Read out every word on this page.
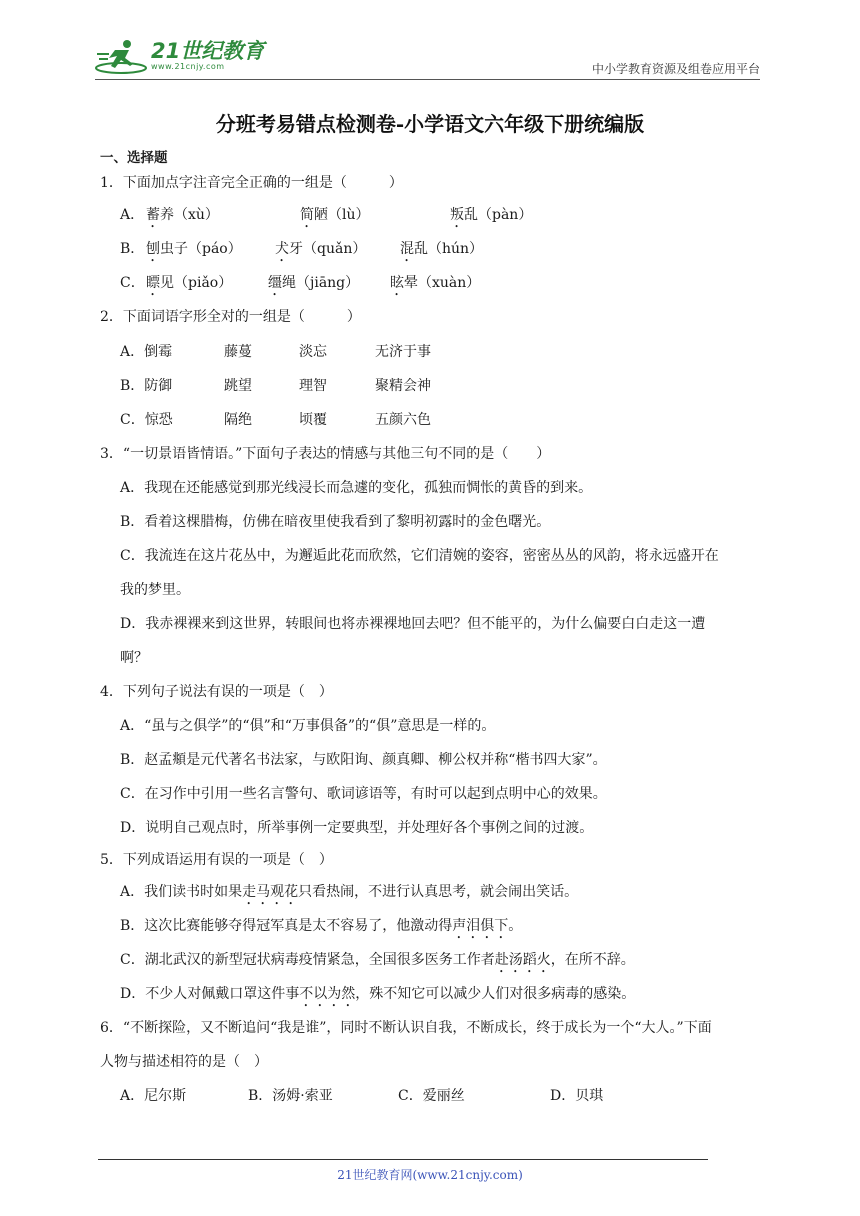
21世纪教育
www.21cnjy.com	中小学教育资源及组卷应用平台
分班考易错点检测卷-小学语文六年级下册统编版
一、选择题
1．下面加点字注音完全正确的一组是（　　　）
A． 蓄养（xù）	简陋（lù）	叛乱（pàn）
B． 刨虫子（páo） 犬牙（quǎn） 混乱（hún）
C． 瞟见（piǎo）	缰绳（jiāng） 眩晕（xuàn）
2．下面词语字形全对的一组是（　　　）
A．倒霉	藤蔓	淡忘	无济于事
B．防御	跳望	理智	聚精会神
C．惊恐	隔绝	顷覆	五颜六色
3．“一切景语皆情语。”下面句子表达的情感与其他三句不同的是（　　）
A．我现在还能感觉到那光线浸长而急遽的变化，孤独而惆怅的黄昏的到来。
B．看着这棵腊梅，仿佛在暗夜里使我看到了黎明初露时的金色曙光。
C．我流连在这片花丛中，为邂逅此花而欣然，它们清婉的姿容，密密丛丛的风韵，将永远盛开在
我的梦里。
D．我赤裸裸来到这世界，转眼间也将赤裸裸地回去吧？但不能平的，为什么偏要白白走这一遭
啊？
4．下列句子说法有误的一项是（　）
A．“虽与之俱学”的“俱”和“万事俱备”的“俱”意思是一样的。
B．赵孟頫是元代著名书法家，与欧阳询、颜真卿、柳公权并称“楷书四大家”。
C．在习作中引用一些名言警句、歌词谚语等，有时可以起到点明中心的效果。
D．说明自己观点时，所举事例一定要典型，并处理好各个事例之间的过渡。
5．下列成语运用有误的一项是（　）
A．我们读书时如果走马观花只看热闹，不进行认真思考，就会闹出笑话。
B．这次比赛能够夺得冠军真是太不容易了，他激动得声泪俱下。
C．湖北武汉的新型冠状病毒疫情紧急，全国很多医务工作者赴汤蹈火，在所不辞。
D．不少人对佩戴口罩这件事不以为然，殊不知它可以减少人们对很多病毒的感染。
6．“不断探险，又不断追问“我是谁”，同时不断认识自我，不断成长，终于成长为一个“大人。”下面
人物与描述相符的是（　）
A．尼尔斯	B．汤姆·索亚	C．爱丽丝	D．贝琪
21世纪教育网(www.21cnjy.com)
